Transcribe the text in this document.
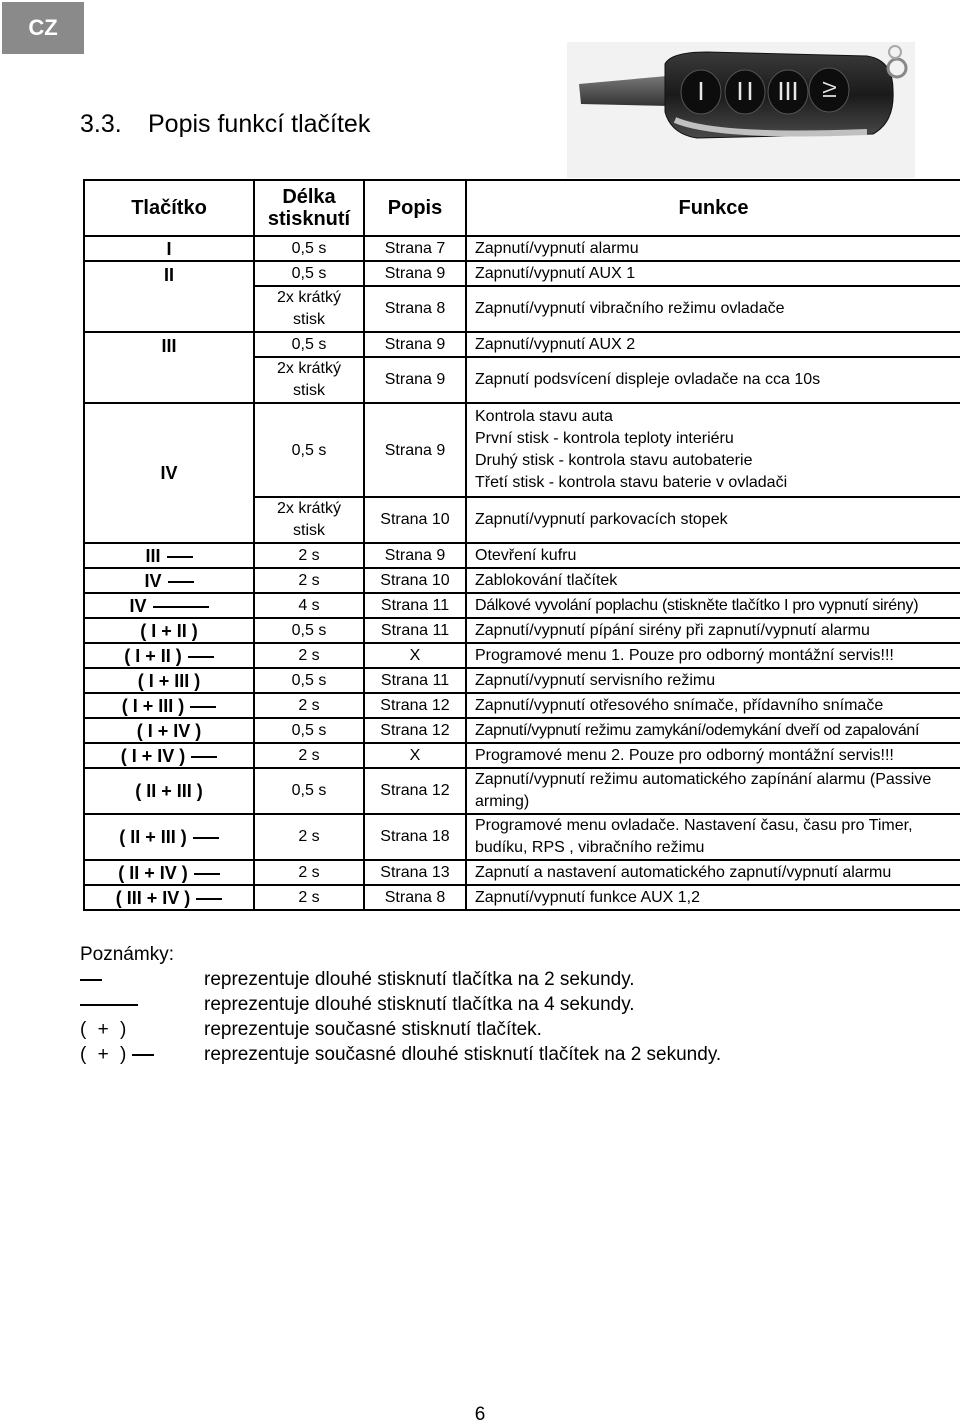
CZ
3.3. Popis funkcí tlačítek
IV
Tlačítko	Délka stisknutí	Popis	Funkce
I	0,5 s	Strana 7	Zapnutí/vypnutí alarmu
II	0,5 s	Strana 9	Zapnutí/vypnutí AUX 1
	2x krátký stisk	Strana 8	Zapnutí/vypnutí vibračního režimu ovladače
III	0,5 s	Strana 9	Zapnutí/vypnutí AUX 2
	2x krátký stisk	Strana 9	Zapnutí podsvícení displeje ovladače na cca 10s
IV	0,5 s	Strana 9	Kontrola stavu auta
První stisk - kontrola teploty interiéru
Druhý stisk - kontrola stavu autobaterie
Třetí stisk - kontrola stavu baterie v ovladači

	2x krátký stisk	Strana 10	Zapnutí/vypnutí parkovacích stopek
III	2 s	Strana 9	Otevření kufru
IV	2 s	Strana 10	Zablokování tlačítek
IV	4 s	Strana 11	Dálkové vyvolání poplachu (stiskněte tlačítko I pro vypnutí sirény)
( I + II )	0,5 s	Strana 11	Zapnutí/vypnutí pípání sirény při zapnutí/vypnutí alarmu
( I + II )	2 s	X	Programové menu 1. Pouze pro odborný montážní servis!!!
( I + III )	0,5 s	Strana 11	Zapnutí/vypnutí servisního režimu
( I + III )	2 s	Strana 12	Zapnutí/vypnutí otřesového snímače, přídavního snímače
( I + IV )	0,5 s	Strana 12	Zapnutí/vypnutí režimu zamykání/odemykání dveří od zapalování
( I + IV )	2 s	X	Programové menu 2. Pouze pro odborný montážní servis!!!
( II + III )	0,5 s	Strana 12	Zapnutí/vypnutí režimu automatického zapínání alarmu (Passive arming)
( II + III )	2 s	Strana 18	Programové menu ovladače. Nastavení času, času pro Timer, budíku, RPS , vibračního režimu
( II + IV )	2 s	Strana 13	Zapnutí a nastavení automatického zapnutí/vypnutí alarmu
( III + IV )	2 s	Strana 8	Zapnutí/vypnutí funkce AUX 1,2
Poznámky:
reprezentuje dlouhé stisknutí tlačítka na 2 sekundy.
reprezentuje dlouhé stisknutí tlačítka na 4 sekundy.
( + )	reprezentuje současné stisknutí tlačítek.
( + )	reprezentuje současné dlouhé stisknutí tlačítek na 2 sekundy.
6
